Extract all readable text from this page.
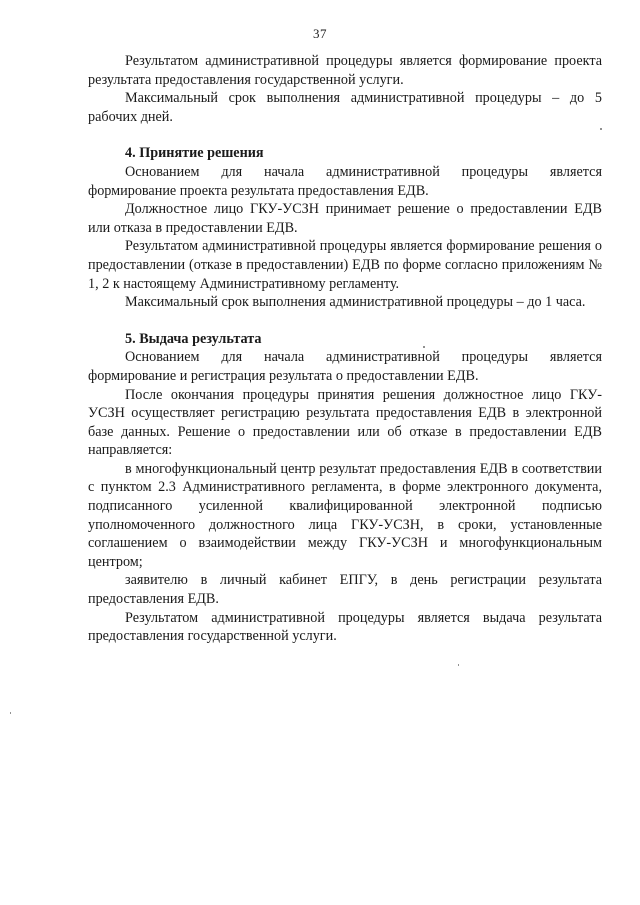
37

Результатом административной процедуры является формирование проекта результата предоставления государственной услуги.

Максимальный срок выполнения административной процедуры – до 5 рабочих дней.

4. Принятие решения

Основанием для начала административной процедуры является формирование проекта результата предоставления ЕДВ.

Должностное лицо ГКУ-УСЗН принимает решение о предоставлении ЕДВ или отказа в предоставлении ЕДВ.

Результатом административной процедуры является формирование решения о предоставлении (отказе в предоставлении) ЕДВ по форме согласно приложениям № 1, 2 к настоящему Административному регламенту.

Максимальный срок выполнения административной процедуры – до 1 часа.

5. Выдача результата

Основанием для начала административной процедуры является формирование и регистрация результата о предоставлении ЕДВ.

После окончания процедуры принятия решения должностное лицо ГКУ-УСЗН осуществляет регистрацию результата предоставления ЕДВ в электронной базе данных. Решение о предоставлении или об отказе в предоставлении ЕДВ направляется:

в многофункциональный центр результат предоставления ЕДВ в соответствии с пунктом 2.3 Административного регламента, в форме электронного документа, подписанного усиленной квалифицированной электронной подписью уполномоченного должностного лица ГКУ-УСЗН, в сроки, установленные соглашением о взаимодействии между ГКУ-УСЗН и многофункциональным центром;

заявителю в личный кабинет ЕПГУ, в день регистрации результата предоставления ЕДВ.

Результатом административной процедуры является выдача результата предоставления государственной услуги.
